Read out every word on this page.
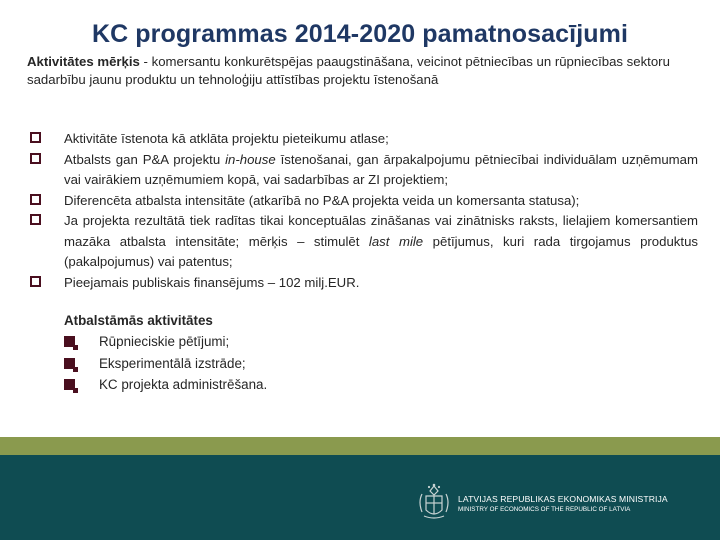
KC programmas 2014-2020 pamatnosacījumi
Aktivitātes mērķis - komersantu konkurētspējas paaugstināšana, veicinot pētniecības un rūpniecības sektoru sadarbību jaunu produktu un tehnoloģiju attīstības projektu īstenošanā
Aktivitāte īstenota kā atklāta projektu pieteikumu atlase;
Atbalsts gan P&A projektu in-house īstenošanai, gan ārpakalpojumu pētniecībai individuālam uzņēmumam vai vairākiem uzņēmumiem kopā, vai sadarbības ar ZI projektiem;
Diferencēta atbalsta intensitāte (atkarībā no P&A projekta veida un komersanta statusa);
Ja projekta rezultātā tiek radītas tikai konceptuālas zināšanas vai zinātnisks raksts, lielajiem komersantiem mazāka atbalsta intensitāte; mērķis – stimulēt last mile pētījumus, kuri rada tirgojamus produktus (pakalpojumus) vai patentus;
Pieejamais publiskais finansējums – 102 milj.EUR.
Atbalstāmās aktivitātes
Rūpnieciskie pētījumi;
Eksperimentālā izstrāde;
KC projekta administrēšana.
LATVIJAS REPUBLIKAS EKONOMIKAS MINISTRIJA
MINISTRY OF ECONOMICS OF THE REPUBLIC OF LATVIA
